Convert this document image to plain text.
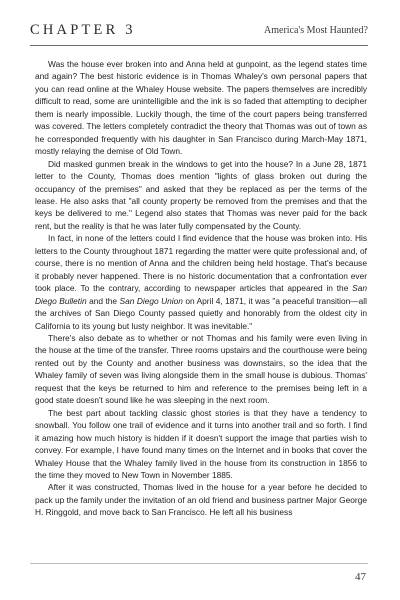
CHAPTER 3	America's Most Haunted?

Was the house ever broken into and Anna held at gunpoint, as the legend states time and again? The best historic evidence is in Thomas Whaley's own personal papers that you can read online at the Whaley House website. The papers themselves are incredibly difficult to read, some are unintelligible and the ink is so faded that attempting to decipher them is nearly impossible. Luckily though, the time of the court papers being transferred was covered. The letters completely contradict the theory that Thomas was out of town as he corresponded frequently with his daughter in San Francisco during March-May 1871, mostly relaying the demise of Old Town.

Did masked gunmen break in the windows to get into the house? In a June 28, 1871 letter to the County, Thomas does mention "lights of glass broken out during the occupancy of the premises" and asked that they be replaced as per the terms of the lease. He also asks that "all county property be removed from the premises and that the keys be delivered to me." Legend also states that Thomas was never paid for the back rent, but the reality is that he was later fully compensated by the County.

In fact, in none of the letters could I find evidence that the house was broken into. His letters to the County throughout 1871 regarding the matter were quite professional and, of course, there is no mention of Anna and the children being held hostage. That's because it probably never happened. There is no historic documentation that a confrontation ever took place. To the contrary, according to newspaper articles that appeared in the San Diego Bulletin and the San Diego Union on April 4, 1871, it was "a peaceful transition—all the archives of San Diego County passed quietly and honorably from the oldest city in California to its young but lusty neighbor. It was inevitable."

There's also debate as to whether or not Thomas and his family were even living in the house at the time of the transfer. Three rooms upstairs and the courthouse were being rented out by the County and another business was downstairs, so the idea that the Whaley family of seven was living alongside them in the small house is dubious. Thomas' request that the keys be returned to him and reference to the premises being left in a good state doesn't sound like he was sleeping in the next room.

The best part about tackling classic ghost stories is that they have a tendency to snowball. You follow one trail of evidence and it turns into another trail and so forth. I find it amazing how much history is hidden if it doesn't support the image that parties wish to convey. For example, I have found many times on the Internet and in books that cover the Whaley House that the Whaley family lived in the house from its construction in 1856 to the time they moved to New Town in November 1885.

After it was constructed, Thomas lived in the house for a year before he decided to pack up the family under the invitation of an old friend and business partner Major George H. Ringgold, and move back to San Francisco. He left all his business

47
